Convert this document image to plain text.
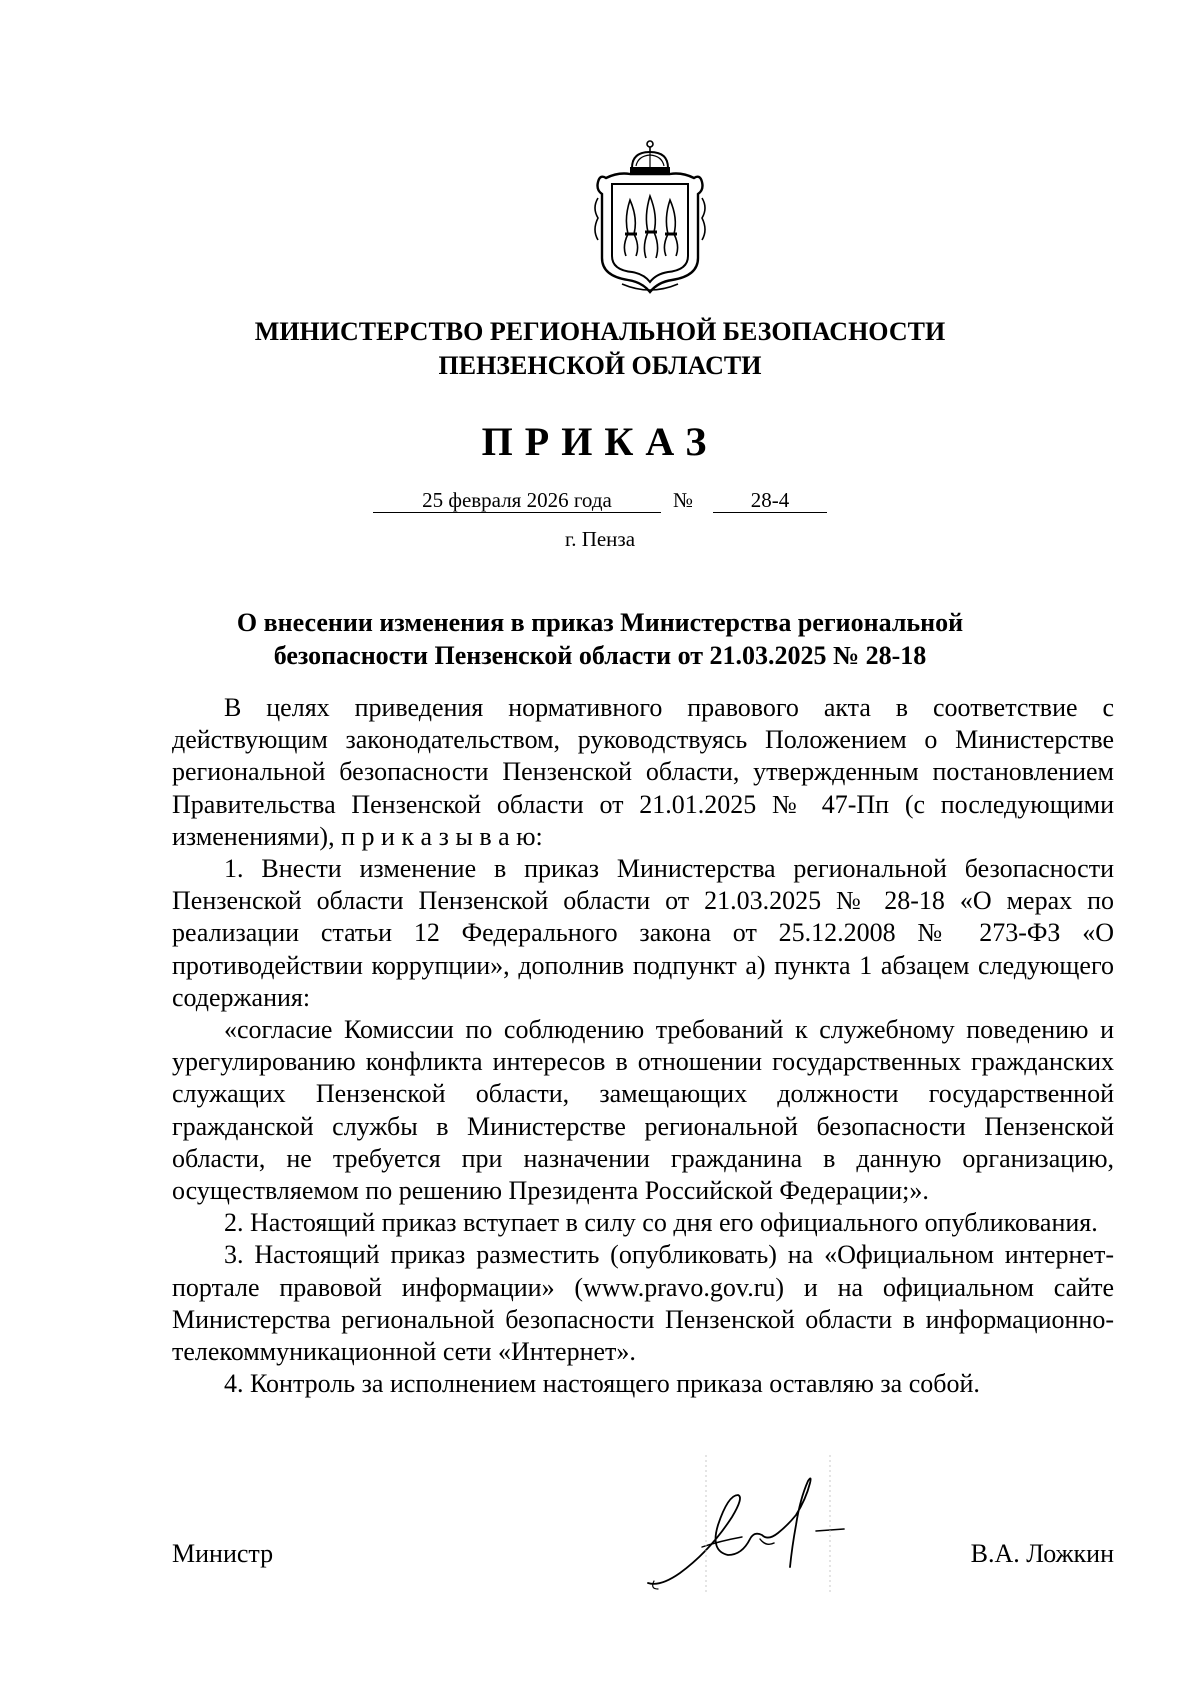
МИНИСТЕРСТВО РЕГИОНАЛЬНОЙ БЕЗОПАСНОСТИ
ПЕНЗЕНСКОЙ ОБЛАСТИ
ПРИКАЗ
25 февраля 2026 года	№	28-4
г. Пенза
О внесении изменения в приказ Министерства региональной
безопасности Пензенской области от 21.03.2025 № 28-18

В целях приведения нормативного правового акта в соответствие с действующим законодательством, руководствуясь Положением о Министерстве региональной безопасности Пензенской области, утвержденным постановлением Правительства Пензенской области от 21.01.2025 № 47-Пп (с последующими изменениями), п р и к а з ы в а ю:

1. Внести изменение в приказ Министерства региональной безопасности Пензенской области Пензенской области от 21.03.2025 № 28-18 «О мерах по реализации статьи 12 Федерального закона от 25.12.2008 № 273-ФЗ «О противодействии коррупции», дополнив подпункт а) пункта 1 абзацем следующего содержания:

«согласие Комиссии по соблюдению требований к служебному поведению и урегулированию конфликта интересов в отношении государственных гражданских служащих Пензенской области, замещающих должности государственной гражданской службы в Министерстве региональной безопасности Пензенской области, не требуется при назначении гражданина в данную организацию, осуществляемом по решению Президента Российской Федерации;».

2. Настоящий приказ вступает в силу со дня его официального опубликования.

3. Настоящий приказ разместить (опубликовать) на «Официальном интернет-портале правовой информации» (www.pravo.gov.ru) и на официальном сайте Министерства региональной безопасности Пензенской области в информационно-телекоммуникационной сети «Интернет».

4. Контроль за исполнением настоящего приказа оставляю за собой.

Министр	В.А. Ложкин
